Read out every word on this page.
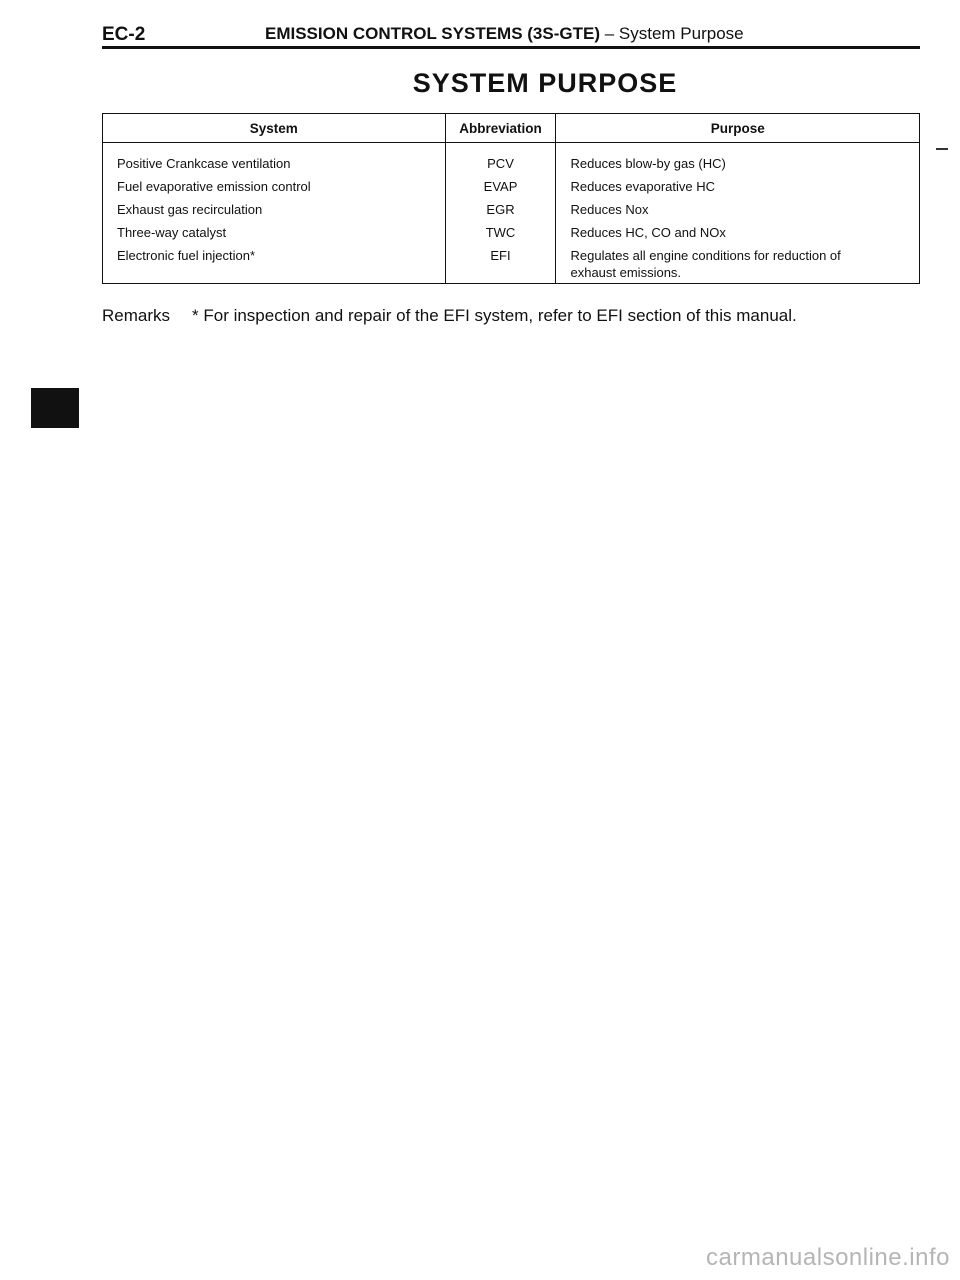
EC-2	EMISSION CONTROL SYSTEMS (3S-GTE) – System Purpose
SYSTEM PURPOSE
System	Abbreviation	Purpose
Positive Crankcase ventilation	PCV	Reduces blow-by gas (HC)
Fuel evaporative emission control	EVAP	Reduces evaporative HC
Exhaust gas recirculation	EGR	Reduces Nox
Three-way catalyst	TWC	Reduces HC, CO and NOx
Electronic fuel injection*	EFI	Regulates all engine conditions for reduction of
exhaust emissions.
Remarks * For inspection and repair of the EFI system, refer to EFI section of this manual.
carmanualsonline.info
